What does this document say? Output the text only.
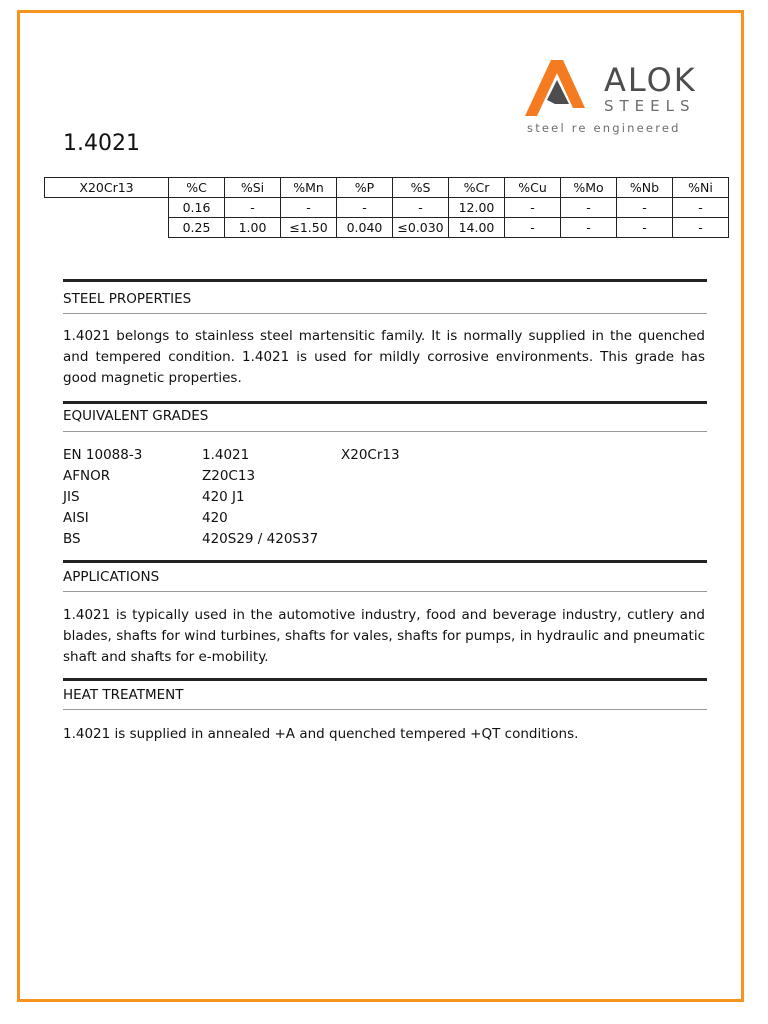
ALOK
STEELS
steel re engineered
1.4021
X20Cr13	%C	%Si	%Mn	%P	%S	%Cr	%Cu	%Mo	%Nb	%Ni
	0.16	-	-	-	-	12.00	-	-	-	-
	0.25	1.00	≤1.50	0.040	≤0.030	14.00	-	-	-	-
STEEL PROPERTIES
1.4021 belongs to stainless steel martensitic family. It is normally supplied in the quenched and tempered condition. 1.4021 is used for mildly corrosive environments. This grade has good magnetic properties.
EQUIVALENT GRADES
EN 10088-3	1.4021	X20Cr13
AFNOR	Z20C13
JIS	420 J1
AISI	420
BS	420S29 / 420S37
APPLICATIONS
1.4021 is typically used in the automotive industry, food and beverage industry, cutlery and blades, shafts for wind turbines, shafts for vales, shafts for pumps, in hydraulic and pneumatic shaft and shafts for e-mobility.
HEAT TREATMENT
1.4021 is supplied in annealed +A and quenched tempered +QT conditions.
